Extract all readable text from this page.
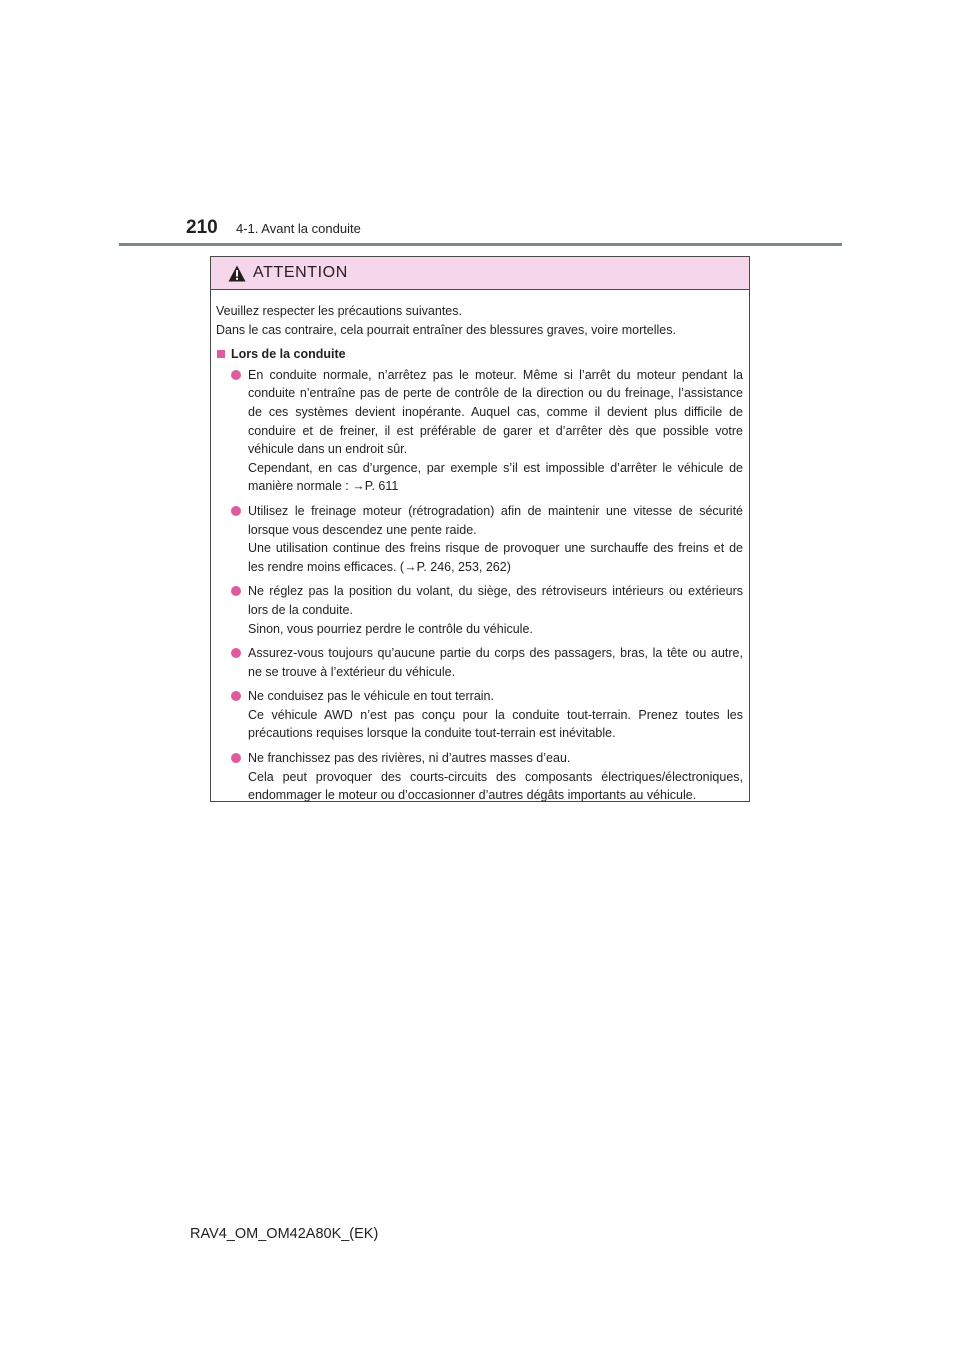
210 4-1. Avant la conduite
ATTENTION

Veuillez respecter les précautions suivantes.

Dans le cas contraire, cela pourrait entraîner des blessures graves, voire mortelles.

Lors de la conduite

En conduite normale, n’arrêtez pas le moteur. Même si l’arrêt du moteur pendant la conduite n’entraîne pas de perte de contrôle de la direction ou du freinage, l’assistance de ces systèmes devient inopérante. Auquel cas, comme il devient plus difficile de conduire et de freiner, il est préférable de garer et d’arrêter dès que possible votre véhicule dans un endroit sûr.

Cependant, en cas d’urgence, par exemple s’il est impossible d’arrêter le véhicule de manière normale : →P. 611

Utilisez le freinage moteur (rétrogradation) afin de maintenir une vitesse de sécurité lorsque vous descendez une pente raide.

Une utilisation continue des freins risque de provoquer une surchauffe des freins et de les rendre moins efficaces. (→P. 246, 253, 262)

Ne réglez pas la position du volant, du siège, des rétroviseurs intérieurs ou extérieurs lors de la conduite.

Sinon, vous pourriez perdre le contrôle du véhicule.

Assurez-vous toujours qu’aucune partie du corps des passagers, bras, la tête ou autre, ne se trouve à l’extérieur du véhicule.

Ne conduisez pas le véhicule en tout terrain.

Ce véhicule AWD n’est pas conçu pour la conduite tout-terrain. Prenez toutes les précautions requises lorsque la conduite tout-terrain est inévitable.

Ne franchissez pas des rivières, ni d’autres masses d’eau.

Cela peut provoquer des courts-circuits des composants électriques/électroniques, endommager le moteur ou d’occasionner d’autres dégâts importants au véhicule.

RAV4_OM_OM42A80K_(EK)
